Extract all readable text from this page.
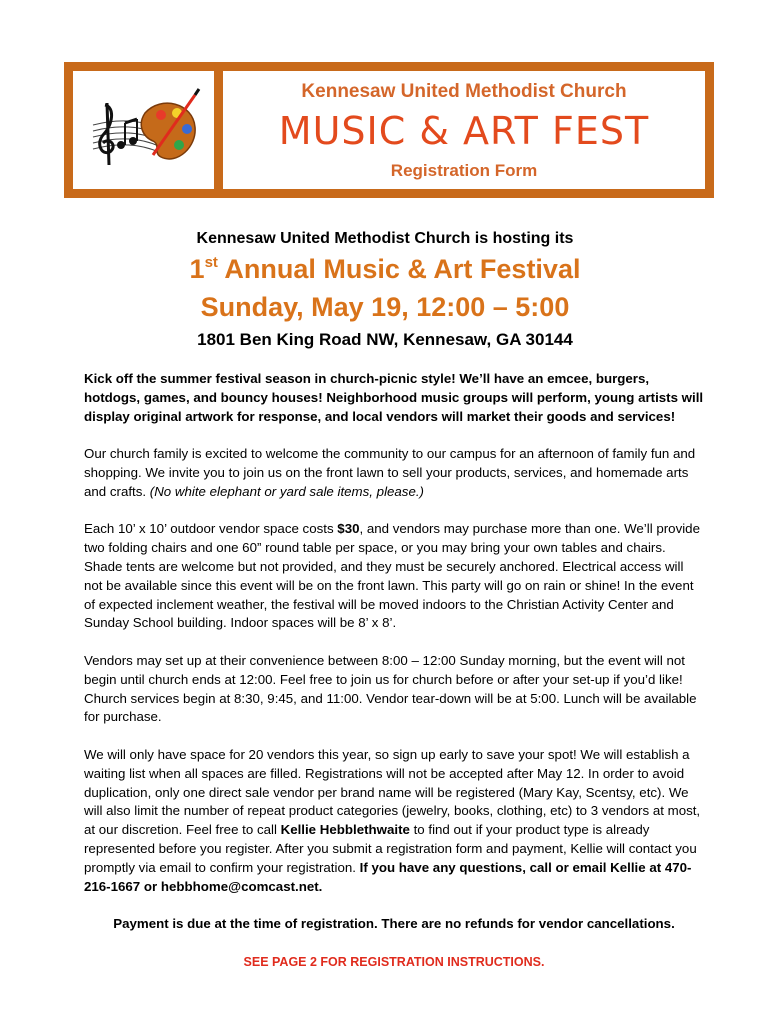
Kennesaw United Methodist Church
MUSIC & ART FEST
Registration Form
Kennesaw United Methodist Church is hosting its
1st Annual Music & Art Festival
Sunday, May 19, 12:00 – 5:00
1801 Ben King Road NW, Kennesaw, GA 30144

Kick off the summer festival season in church-picnic style! We’ll have an emcee, burgers, hotdogs, games, and bouncy houses! Neighborhood music groups will perform, young artists will display original artwork for response, and local vendors will market their goods and services!

Our church family is excited to welcome the community to our campus for an afternoon of family fun and shopping. We invite you to join us on the front lawn to sell your products, services, and homemade arts and crafts. (No white elephant or yard sale items, please.)

Each 10’ x 10’ outdoor vendor space costs $30, and vendors may purchase more than one. We’ll provide two folding chairs and one 60” round table per space, or you may bring your own tables and chairs. Shade tents are welcome but not provided, and they must be securely anchored. Electrical access will not be available since this event will be on the front lawn. This party will go on rain or shine! In the event of expected inclement weather, the festival will be moved indoors to the Christian Activity Center and Sunday School building. Indoor spaces will be 8’ x 8’.

Vendors may set up at their convenience between 8:00 – 12:00 Sunday morning, but the event will not begin until church ends at 12:00. Feel free to join us for church before or after your set-up if you’d like! Church services begin at 8:30, 9:45, and 11:00. Vendor tear-down will be at 5:00. Lunch will be available for purchase.

We will only have space for 20 vendors this year, so sign up early to save your spot! We will establish a waiting list when all spaces are filled. Registrations will not be accepted after May 12. In order to avoid duplication, only one direct sale vendor per brand name will be registered (Mary Kay, Scentsy, etc). We will also limit the number of repeat product categories (jewelry, books, clothing, etc) to 3 vendors at most, at our discretion. Feel free to call Kellie Hebblethwaite to find out if your product type is already represented before you register. After you submit a registration form and payment, Kellie will contact you promptly via email to confirm your registration. If you have any questions, call or email Kellie at 470-216-1667 or hebbhome@comcast.net.

Payment is due at the time of registration. There are no refunds for vendor cancellations.

SEE PAGE 2 FOR REGISTRATION INSTRUCTIONS.
